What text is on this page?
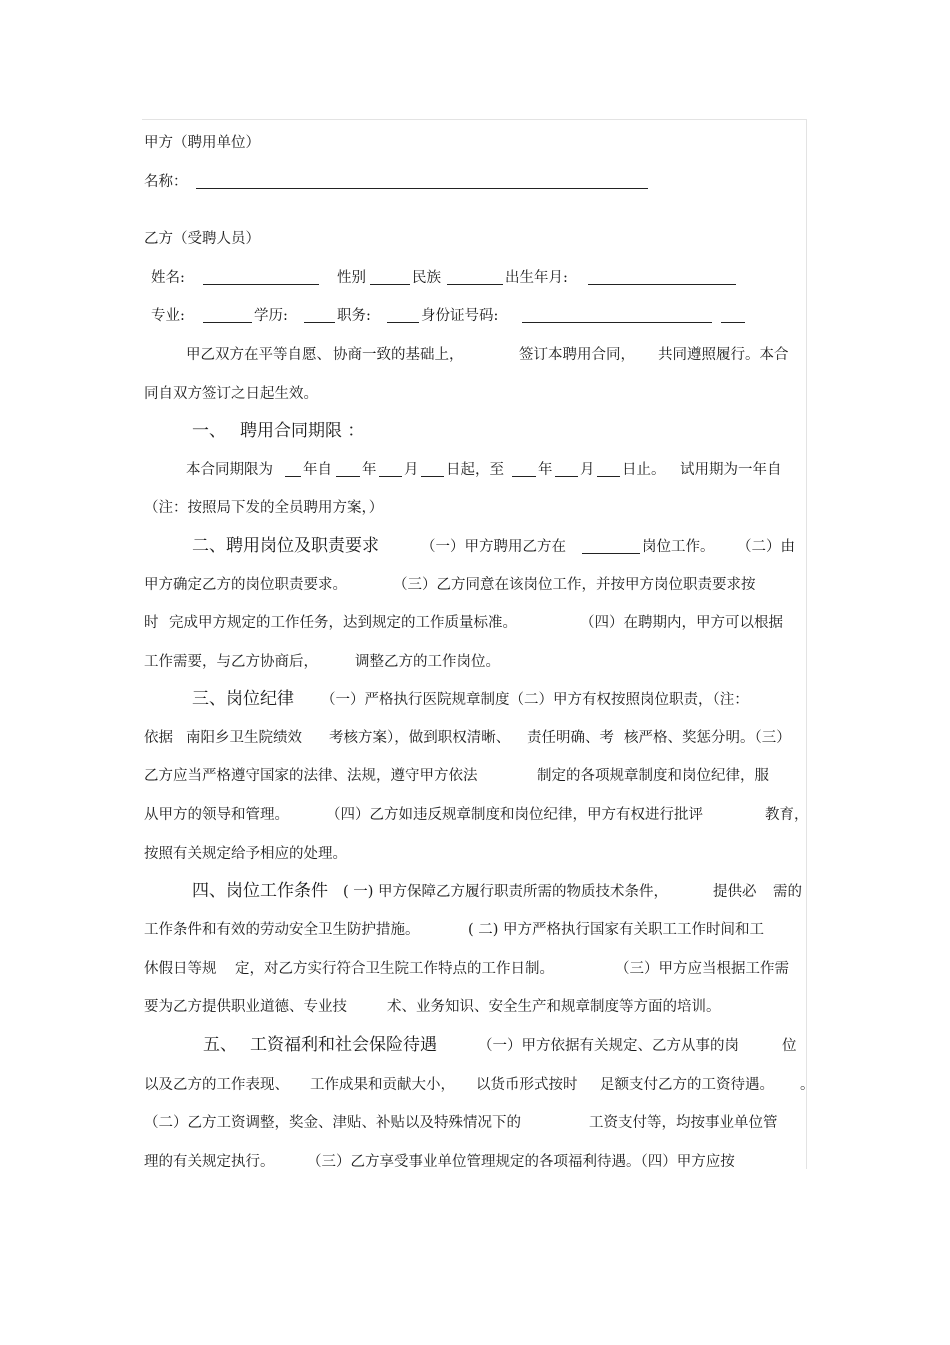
甲方（聘用单位）
名称：
乙方（受聘人员）
姓名:	性别	民族	出生年月:
专业:	学历:	职务:	身份证号码:
甲乙双方在平等自愿、 协商一致的基础上，	签订本聘用合同， 共同遵照履行。本合
同自双方签订之日起生效。
一、 聘用合同期限 ：
本合同期限为 年自 年 月 日起，至 年 月 日止。 试用期为一年自
（注：按照局下发的全员聘用方案，）
二、聘用岗位及职责要求	（一）甲方聘用乙方在	岗位工作。 （二）由
甲方确定乙方的岗位职责要求。	（三）乙方同意在该岗位工作，并按甲方岗位职责要求按
时 完成甲方规定的工作任务，达到规定的工作质量标准。	（四）在聘期内，甲方可以根据
工作需要，与乙方协商后，	调整乙方的工作岗位。
三、岗位纪律 （一）严格执行医院规章制度（二）甲方有权按照岗位职责，（注：
依据 南阳乡卫生院绩效 考核方案），做到职权清晰、 责任明确、考 核严格、奖惩分明。（三）
乙方应当严格遵守国家的法律、法规，遵守甲方依法	制定的各项规章制度和岗位纪律，服
从甲方的领导和管理。	（四）乙方如违反规章制度和岗位纪律，甲方有权进行批评	教育，
按照有关规定给予相应的处理。
四、岗位工作条件 ( 一) 甲方保障乙方履行职责所需的物质技术条件，	提供必 需的
工作条件和有效的劳动安全卫生防护措施。	( 二) 甲方严格执行国家有关职工工作时间和工
休假日等规 定，对乙方实行符合卫生院工作特点的工作日制。	（三）甲方应当根据工作需
要为乙方提供职业道德、专业技	术、业务知识、安全生产和规章制度等方面的培训。
五、 工资福利和社会保险待遇	（一）甲方依据有关规定、乙方从事的岗	位
以及乙方的工作表现、 工作成果和贡献大小， 以货币形式按时 足额支付乙方的工资待遇。 。
（二）乙方工资调整，奖金、津贴、补贴以及特殊情况下的	工资支付等，均按事业单位管
理的有关规定执行。 （三）乙方享受事业单位管理规定的各项福利待遇。（四）甲方应按
